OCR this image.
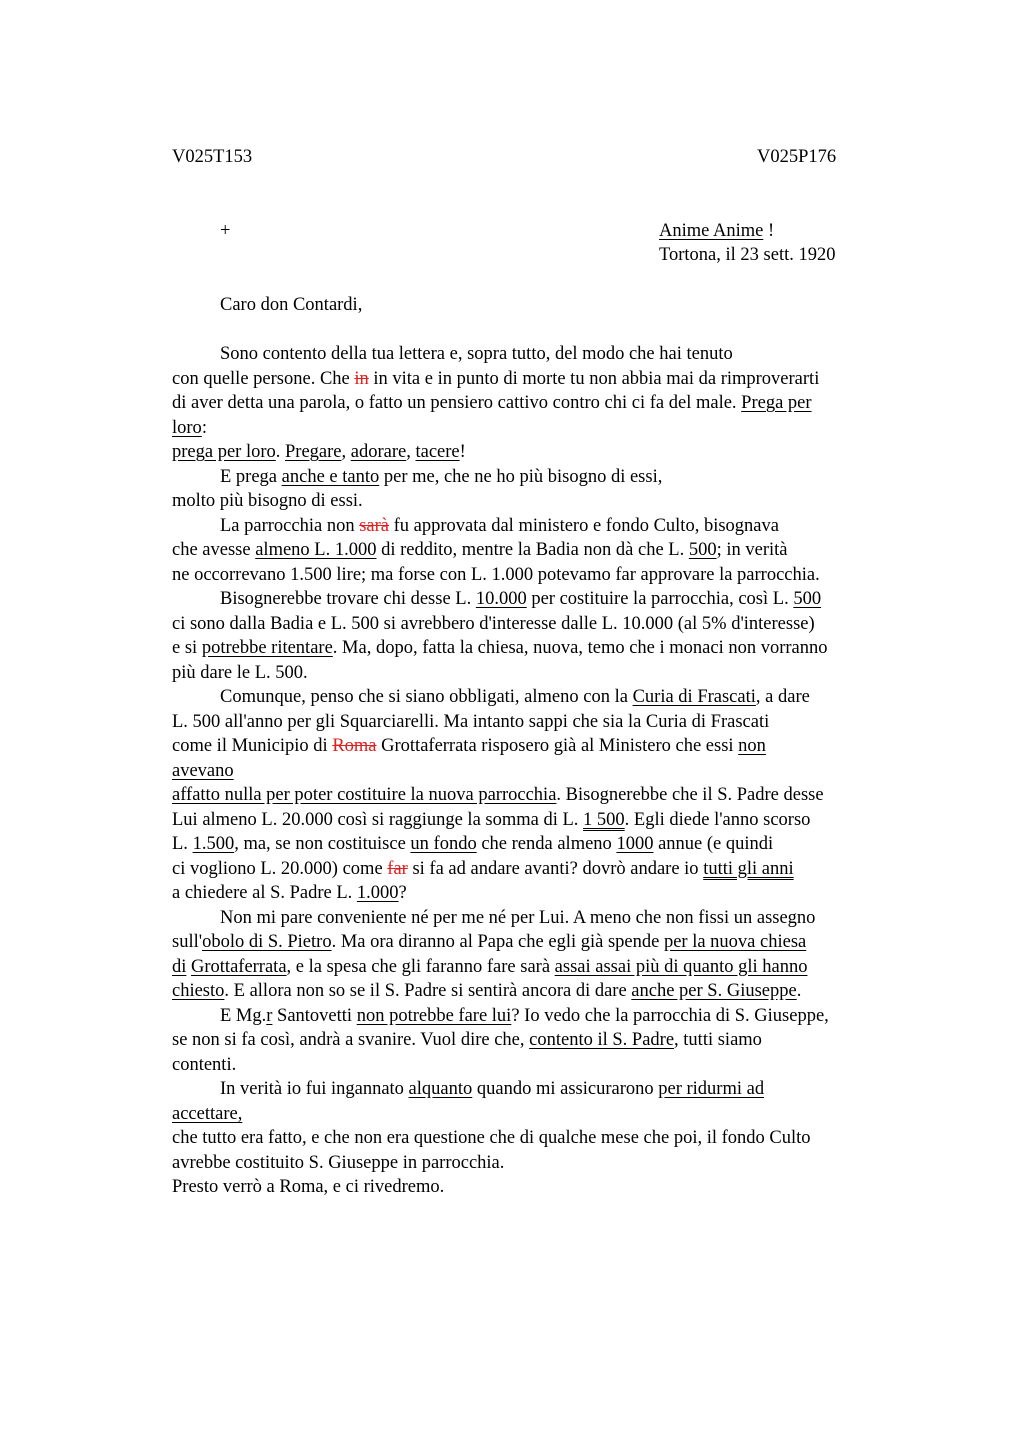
V025T153	V025P176
+	Anime Anime !
Tortona, il 23 sett. 1920
Caro don Contardi,
Sono contento della tua lettera e, sopra tutto, del modo che hai tenuto
con quelle persone. Che in in vita e in punto di morte tu non abbia mai da rimproverarti
di aver detta una parola, o fatto un pensiero cattivo contro chi ci fa del male. Prega per
loro:
prega per loro. Pregare, adorare, tacere!
E prega anche e tanto per me, che ne ho più bisogno di essi,
molto più bisogno di essi.
La parrocchia non sarà fu approvata dal ministero e fondo Culto, bisognava
che avesse almeno L. 1.000 di reddito, mentre la Badia non dà che L. 500; in verità
ne occorrevano 1.500 lire; ma forse con L. 1.000 potevamo far approvare la parrocchia.
Bisognerebbe trovare chi desse L. 10.000 per costituire la parrocchia, così L. 500
ci sono dalla Badia e L. 500 si avrebbero d'interesse dalle L. 10.000 (al 5% d'interesse)
e si potrebbe ritentare. Ma, dopo, fatta la chiesa, nuova, temo che i monaci non vorranno
più dare le L. 500.
Comunque, penso che si siano obbligati, almeno con la Curia di Frascati, a dare
L. 500 all'anno per gli Squarciarelli. Ma intanto sappi che sia la Curia di Frascati
come il Municipio di Roma Grottaferrata risposero già al Ministero che essi non
avevano
affatto nulla per poter costituire la nuova parrocchia. Bisognerebbe che il S. Padre desse
Lui almeno L. 20.000 così si raggiunge la somma di L. 1 500. Egli diede l'anno scorso
L. 1.500, ma, se non costituisce un fondo che renda almeno 1000 annue (e quindi
ci vogliono L. 20.000) come far si fa ad andare avanti? dovrò andare io tutti gli anni
a chiedere al S. Padre L. 1.000?
Non mi pare conveniente né per me né per Lui. A meno che non fissi un assegno
sull'obolo di S. Pietro. Ma ora diranno al Papa che egli già spende per la nuova chiesa
di Grottaferrata, e la spesa che gli faranno fare sarà assai assai più di quanto gli hanno
chiesto. E allora non so se il S. Padre si sentirà ancora di dare anche per S. Giuseppe.
E Mg.r Santovetti non potrebbe fare lui? Io vedo che la parrocchia di S. Giuseppe,
se non si fa così, andrà a svanire. Vuol dire che, contento il S. Padre, tutti siamo
contenti.
In verità io fui ingannato alquanto quando mi assicurarono per ridurmi ad
accettare,
che tutto era fatto, e che non era questione che di qualche mese che poi, il fondo Culto
avrebbe costituito S. Giuseppe in parrocchia.
Presto verrò a Roma, e ci rivedremo.
